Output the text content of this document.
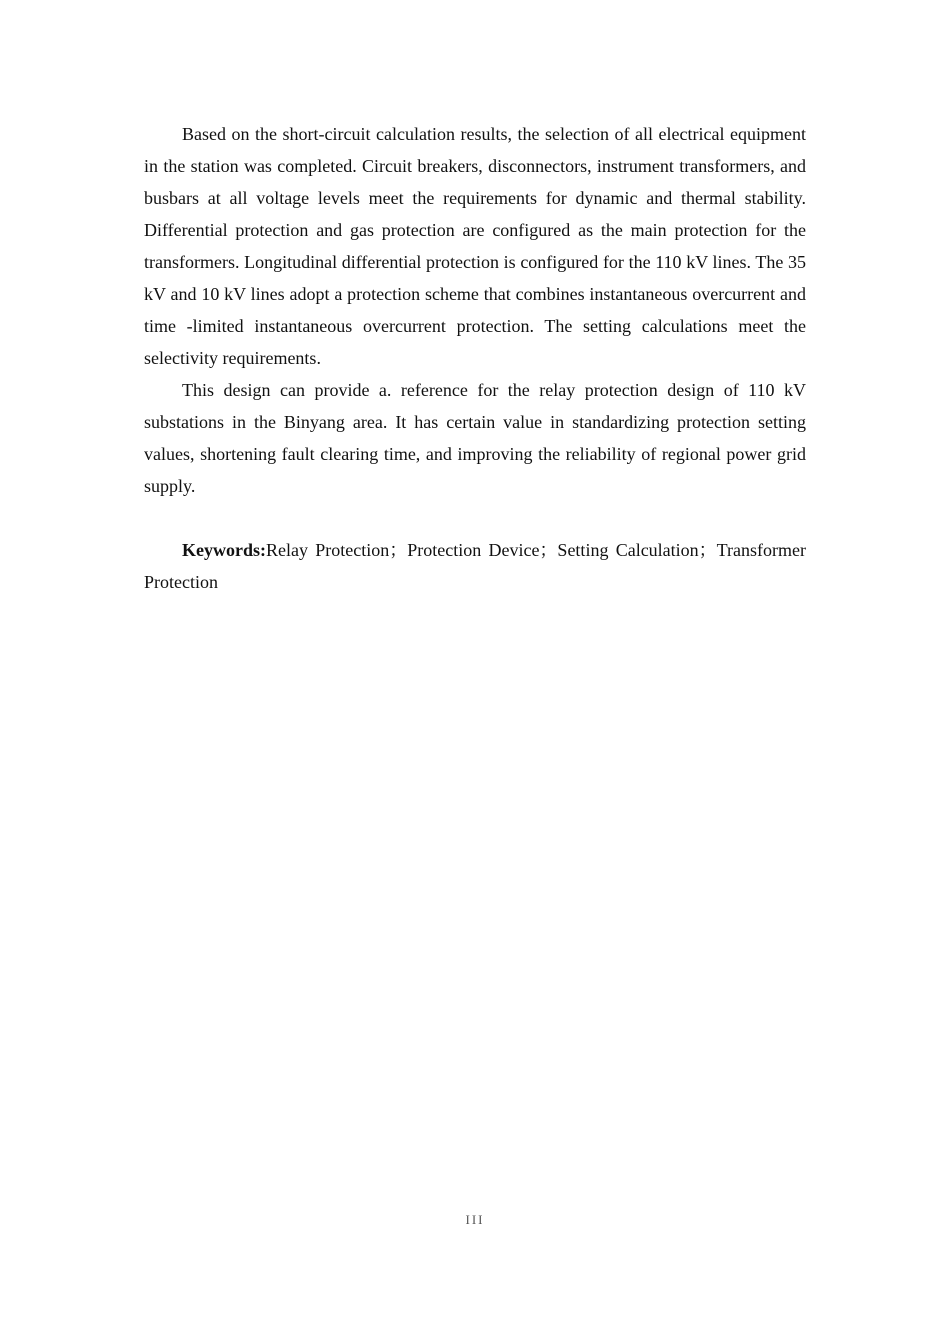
Based on the short-circuit calculation results, the selection of all electrical equipment in the station was completed. Circuit breakers, disconnectors, instrument transformers, and busbars at all voltage levels meet the requirements for dynamic and thermal stability. Differential protection and gas protection are configured as the main protection for the transformers. Longitudinal differential protection is configured for the 110 kV lines. The 35 kV and 10 kV lines adopt a protection scheme that combines instantaneous overcurrent and time -limited instantaneous overcurrent protection. The setting calculations meet the selectivity requirements.

This design can provide a. reference for the relay protection design of 110 kV substations in the Binyang area. It has certain value in standardizing protection setting values, shortening fault clearing time, and improving the reliability of regional power grid supply.

Keywords:Relay Protection；Protection Device；Setting Calculation；Transformer Protection

III
